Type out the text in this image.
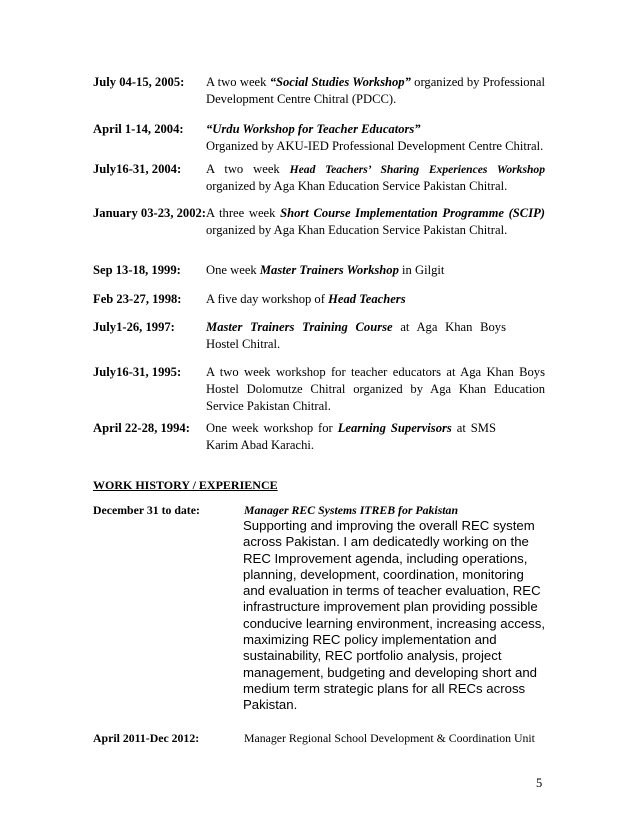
July 04-15, 2005: A two week “Social Studies Workshop” organized by Professional Development Centre Chitral (PDCC).
April 1-14, 2004: “Urdu Workshop for Teacher Educators”
Organized by AKU-IED Professional Development Centre Chitral.
July16-31, 2004: A two week Head Teachers’ Sharing Experiences Workshop organized by Aga Khan Education Service Pakistan Chitral.
January 03-23, 2002: A three week Short Course Implementation Programme (SCIP) organized by Aga Khan Education Service Pakistan Chitral.
Sep 13-18, 1999: One week Master Trainers Workshop in Gilgit
Feb 23-27, 1998: A five day workshop of Head Teachers
July1-26, 1997: Master Trainers Training Course at Aga Khan Boys Hostel Chitral.
July16-31, 1995: A two week workshop for teacher educators at Aga Khan Boys Hostel Dolomutze Chitral organized by Aga Khan Education Service Pakistan Chitral.
April 22-28, 1994: One week workshop for Learning Supervisors at SMS Karim Abad Karachi.
WORK HISTORY / EXPERIENCE
December 31 to date:	Manager REC Systems ITREB for Pakistan
Supporting and improving the overall REC system across Pakistan. I am dedicatedly working on the REC Improvement agenda, including operations, planning, development, coordination, monitoring and evaluation in terms of teacher evaluation, REC infrastructure improvement plan providing possible conducive learning environment, increasing access, maximizing REC policy implementation and sustainability, REC portfolio analysis, project management, budgeting and developing short and medium term strategic plans for all RECs across Pakistan.
April 2011-Dec 2012:	Manager Regional School Development & Coordination Unit
5
